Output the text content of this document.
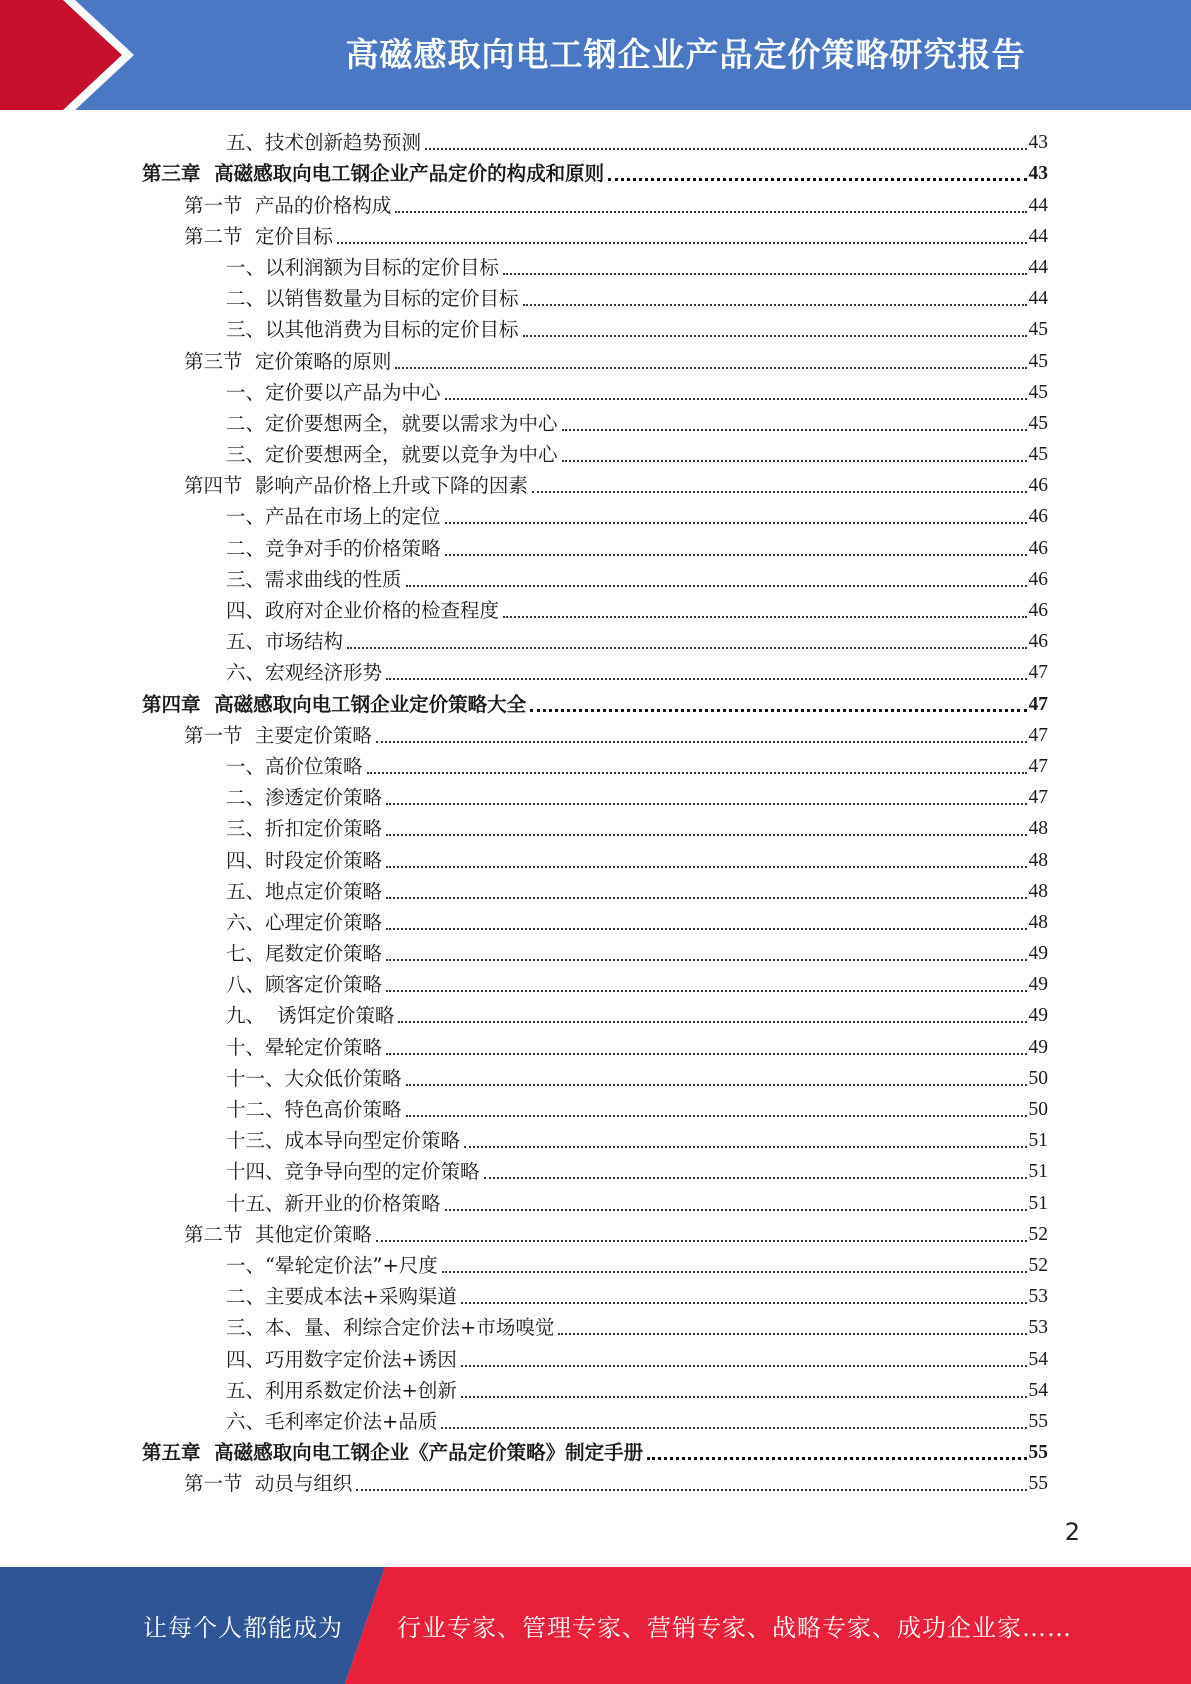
高磁感取向电工钢企业产品定价策略研究报告
五、技术创新趋势预测	43
第三章  高磁感取向电工钢企业产品定价的构成和原则	43
第一节  产品的价格构成	44
第二节  定价目标	44
一、以利润额为目标的定价目标	44
二、以销售数量为目标的定价目标	44
三、以其他消费为目标的定价目标	45
第三节  定价策略的原则	45
一、定价要以产品为中心	45
二、定价要想两全，就要以需求为中心	45
三、定价要想两全，就要以竞争为中心	45
第四节  影响产品价格上升或下降的因素	46
一、产品在市场上的定位	46
二、竞争对手的价格策略	46
三、需求曲线的性质	46
四、政府对企业价格的检查程度	46
五、市场结构	46
六、宏观经济形势	47
第四章  高磁感取向电工钢企业定价策略大全	47
第一节  主要定价策略	47
一、高价位策略	47
二、渗透定价策略	47
三、折扣定价策略	48
四、时段定价策略	48
五、地点定价策略	48
六、心理定价策略	48
七、尾数定价策略	49
八、顾客定价策略	49
九、  诱饵定价策略	49
十、晕轮定价策略	49
十一、大众低价策略	50
十二、特色高价策略	50
十三、成本导向型定价策略	51
十四、竞争导向型的定价策略	51
十五、新开业的价格策略	51
第二节  其他定价策略	52
一、“晕轮定价法”+尺度	52
二、主要成本法+采购渠道	53
三、本、量、利综合定价法+市场嗅觉	53
四、巧用数字定价法+诱因	54
五、利用系数定价法+创新	54
六、毛利率定价法+品质	55
第五章  高磁感取向电工钢企业《产品定价策略》制定手册	55
第一节  动员与组织	55
2
让每个人都能成为 行业专家、管理专家、营销专家、战略专家、成功企业家……
